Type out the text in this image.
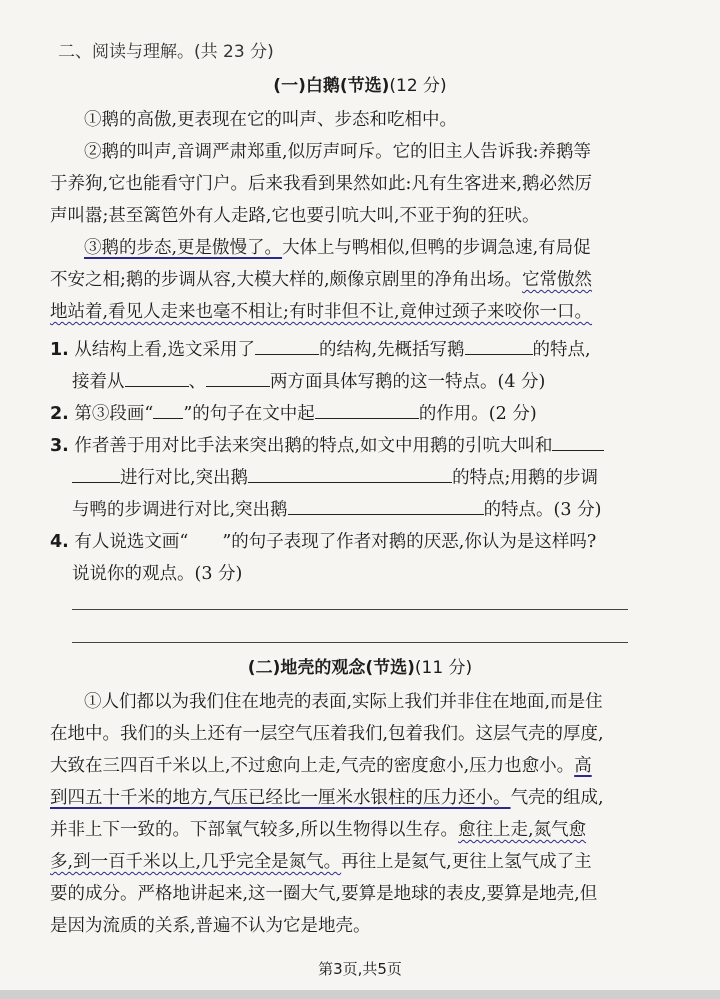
二、阅读与理解。(共 23 分)
(一)白鹅(节选)(12 分)
①鹅的高傲,更表现在它的叫声、步态和吃相中。
②鹅的叫声,音调严肃郑重,似厉声呵斥。它的旧主人告诉我:养鹅等
于养狗,它也能看守门户。后来我看到果然如此:凡有生客进来,鹅必然厉
声叫嚣;甚至篱笆外有人走路,它也要引吭大叫,不亚于狗的狂吠。
③鹅的步态,更是傲慢了。大体上与鸭相似,但鸭的步调急速,有局促
不安之相;鹅的步调从容,大模大样的,颇像京剧里的净角出场。它常傲然
地站着,看见人走来也毫不相让;有时非但不让,竟伸过颈子来咬你一口。
1. 从结构上看,选文采用了	的结构,先概括写鹅	的特点,
接着从	、	两方面具体写鹅的这一特点。(4 分)
2. 第③段画“ ”的句子在文中起	的作用。(2 分)
3. 作者善于用对比手法来突出鹅的特点,如文中用鹅的引吭大叫和
进行对比,突出鹅	的特点;用鹅的步调
与鸭的步调进行对比,突出鹅	的特点。(3 分)
4. 有人说选文画“ ”的句子表现了作者对鹅的厌恶,你认为是这样吗?
说说你的观点。(3 分)
(二)地壳的观念(节选)(11 分)
①人们都以为我们住在地壳的表面,实际上我们并非住在地面,而是住
在地中。我们的头上还有一层空气压着我们,包着我们。这层气壳的厚度,
大致在三四百千米以上,不过愈向上走,气壳的密度愈小,压力也愈小。高
到四五十千米的地方,气压已经比一厘米水银柱的压力还小。气壳的组成,
并非上下一致的。下部氧气较多,所以生物得以生存。愈往上走,氮气愈
多,到一百千米以上,几乎完全是氮气。再往上是氦气,更往上氢气成了主
要的成分。严格地讲起来,这一圈大气,要算是地球的表皮,要算是地壳,但
是因为流质的关系,普遍不认为它是地壳。
第3页,共5页
